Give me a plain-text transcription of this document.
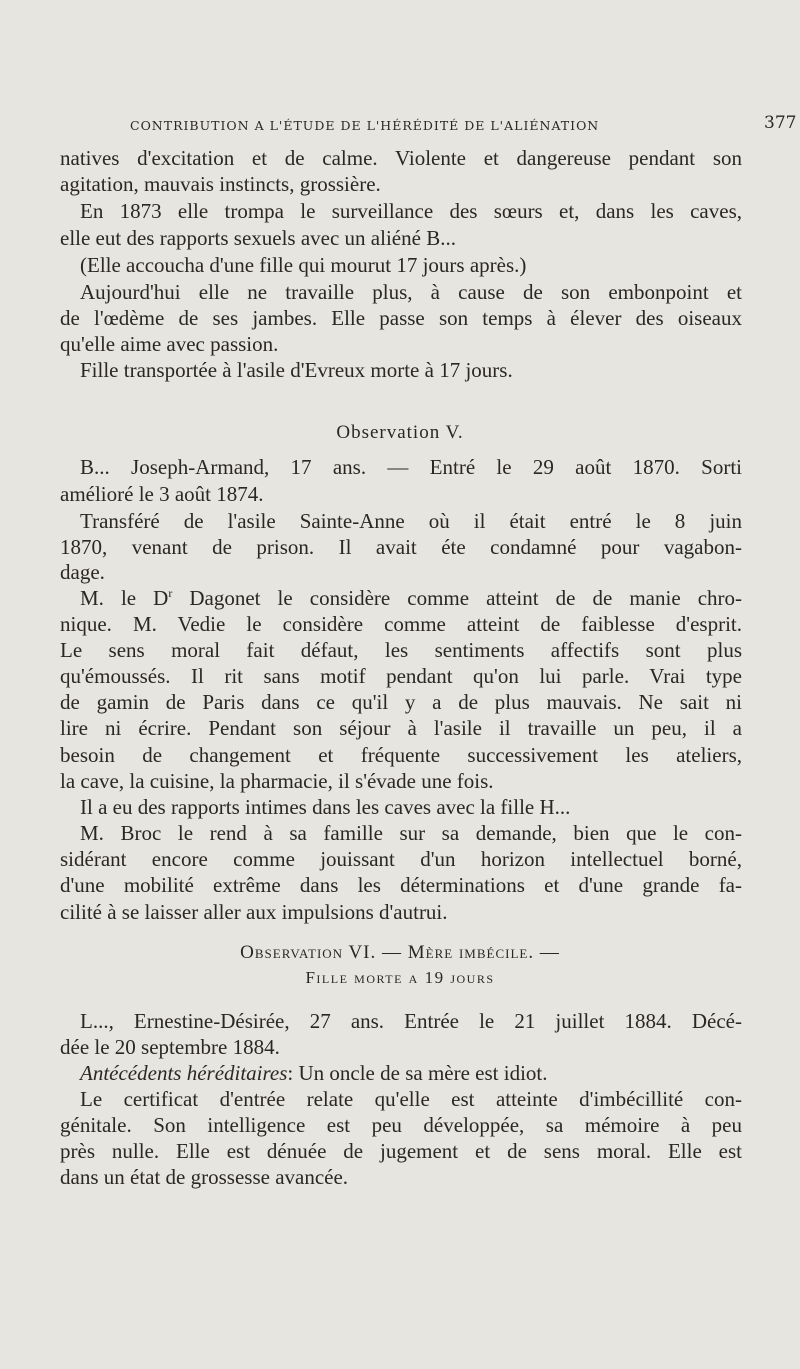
CONTRIBUTION A L'ÉTUDE DE L'HÉRÉDITÉ DE L'ALIÉNATION	377
natives d'excitation et de calme. Violente et dangereuse pendant son
agitation, mauvais instincts, grossière.
En 1873 elle trompa le surveillance des sœurs et, dans les caves,
elle eut des rapports sexuels avec un aliéné B...
(Elle accoucha d'une fille qui mourut 17 jours après.)
Aujourd'hui elle ne travaille plus, à cause de son embonpoint et
de l'œdème de ses jambes. Elle passe son temps à élever des oiseaux
qu'elle aime avec passion.
Fille transportée à l'asile d'Evreux morte à 17 jours.
Observation V.
B... Joseph-Armand, 17 ans. — Entré le 29 août 1870. Sorti
amélioré le 3 août 1874.
Transféré de l'asile Sainte-Anne où il était entré le 8 juin
1870, venant de prison. Il avait éte condamné pour vagabon-
dage.
M. le $D^r$ Dagonet le considère comme atteint de de manie chro-
nique. M. Vedie le considère comme atteint de faiblesse d'esprit.
Le sens moral fait défaut, les sentiments affectifs sont plus
qu'émoussés. Il rit sans motif pendant qu'on lui parle. Vrai type
de gamin de Paris dans ce qu'il y a de plus mauvais. Ne sait ni
lire ni écrire. Pendant son séjour à l'asile il travaille un peu, il a
besoin de changement et fréquente successivement les ateliers,
la cave, la cuisine, la pharmacie, il s'évade une fois.
Il a eu des rapports intimes dans les caves avec la fille H...
M. Broc le rend à sa famille sur sa demande, bien que le con-
sidérant encore comme jouissant d'un horizon intellectuel borné,
d'une mobilité extrême dans les déterminations et d'une grande fa-
cilité à se laisser aller aux impulsions d'autrui.
Observation VI. — Mère imbécile. —
Fille morte a 19 jours
L..., Ernestine-Désirée, 27 ans. Entrée le 21 juillet 1884. Décé-
dée le 20 septembre 1884.
Antécédents héréditaires: Un oncle de sa mère est idiot.
Le certificat d'entrée relate qu'elle est atteinte d'imbécillité con-
génitale. Son intelligence est peu développée, sa mémoire à peu
près nulle. Elle est dénuée de jugement et de sens moral. Elle est
dans un état de grossesse avancée.
